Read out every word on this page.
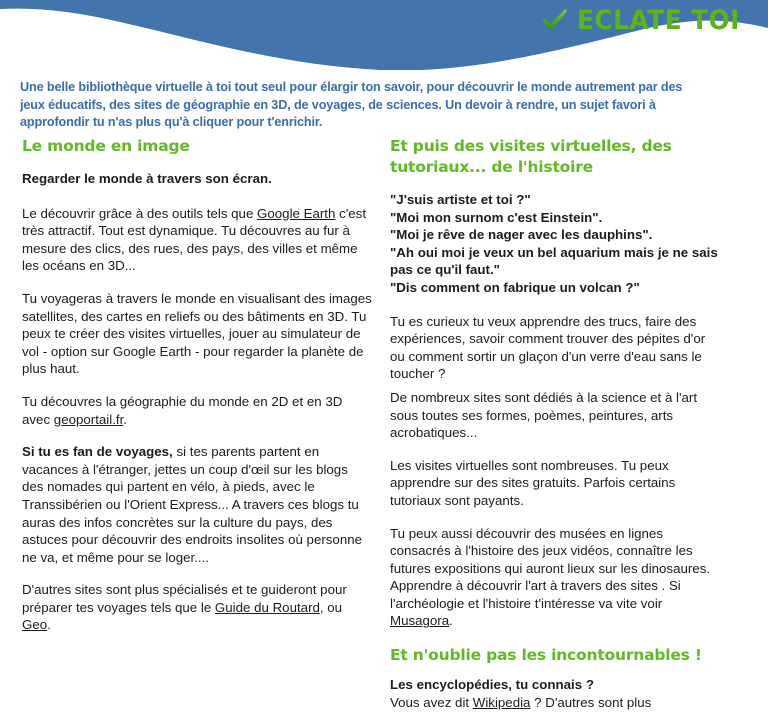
ECLATE TOI
Une belle bibliothèque virtuelle à toi tout seul pour élargir ton savoir, pour découvrir le monde autrement par des jeux éducatifs, des sites de géographie en 3D, de voyages, de sciences. Un devoir à rendre, un sujet favori à approfondir tu n'as plus qu'à cliquer pour t'enrichir.
Le monde en image

Regarder le monde à travers son écran.

Le découvrir grâce à des outils tels que Google Earth c'est très attractif. Tout est dynamique. Tu découvres au fur à mesure des clics, des rues, des pays, des villes et même les océans en 3D...

Tu voyageras à travers le monde en visualisant des images satellites, des cartes en reliefs ou des bâtiments en 3D. Tu peux te créer des visites virtuelles, jouer au simulateur de vol - option sur Google Earth - pour regarder la planète de plus haut.

Tu découvres la géographie du monde en 2D et en 3D avec geoportail.fr.

Si tu es fan de voyages, si tes parents partent en vacances à l'étranger, jettes un coup d'œil sur les blogs des nomades qui partent en vélo, à pieds, avec le Transsibérien ou l'Orient Express... A travers ces blogs tu auras des infos concrètes sur la culture du pays, des astuces pour découvrir des endroits insolites où personne ne va, et même pour se loger....

D'autres sites sont plus spécialisés et te guideront pour préparer tes voyages tels que le Guide du Routard, ou Geo.

Et puis des visites virtuelles, des tutoriaux... de l'histoire

"J'suis artiste et toi ?"
"Moi mon surnom c'est Einstein".
"Moi je rêve de nager avec les dauphins".
"Ah oui moi je veux un bel aquarium mais je ne sais pas ce qu'il faut."
"Dis comment on fabrique un volcan ?"

Tu es curieux tu veux apprendre des trucs, faire des expériences, savoir comment trouver des pépites d'or ou comment sortir un glaçon d'un verre d'eau sans le toucher ?

De nombreux sites sont dédiés à la science et à l'art sous toutes ses formes, poèmes, peintures, arts acrobatiques...

Les visites virtuelles sont nombreuses. Tu peux apprendre sur des sites gratuits. Parfois certains tutoriaux sont payants.

Tu peux aussi découvrir des musées en lignes consacrés à l'histoire des jeux vidéos, connaître les futures expositions qui auront lieux sur les dinosaures. Apprendre à découvrir l'art à travers des sites . Si l'archéologie et l'histoire t'intéresse va vite voir Musagora.

Et n'oublie pas les incontournables !

Les encyclopédies, tu connais ?

Vous avez dit Wikipedia ? D'autres sont plus
